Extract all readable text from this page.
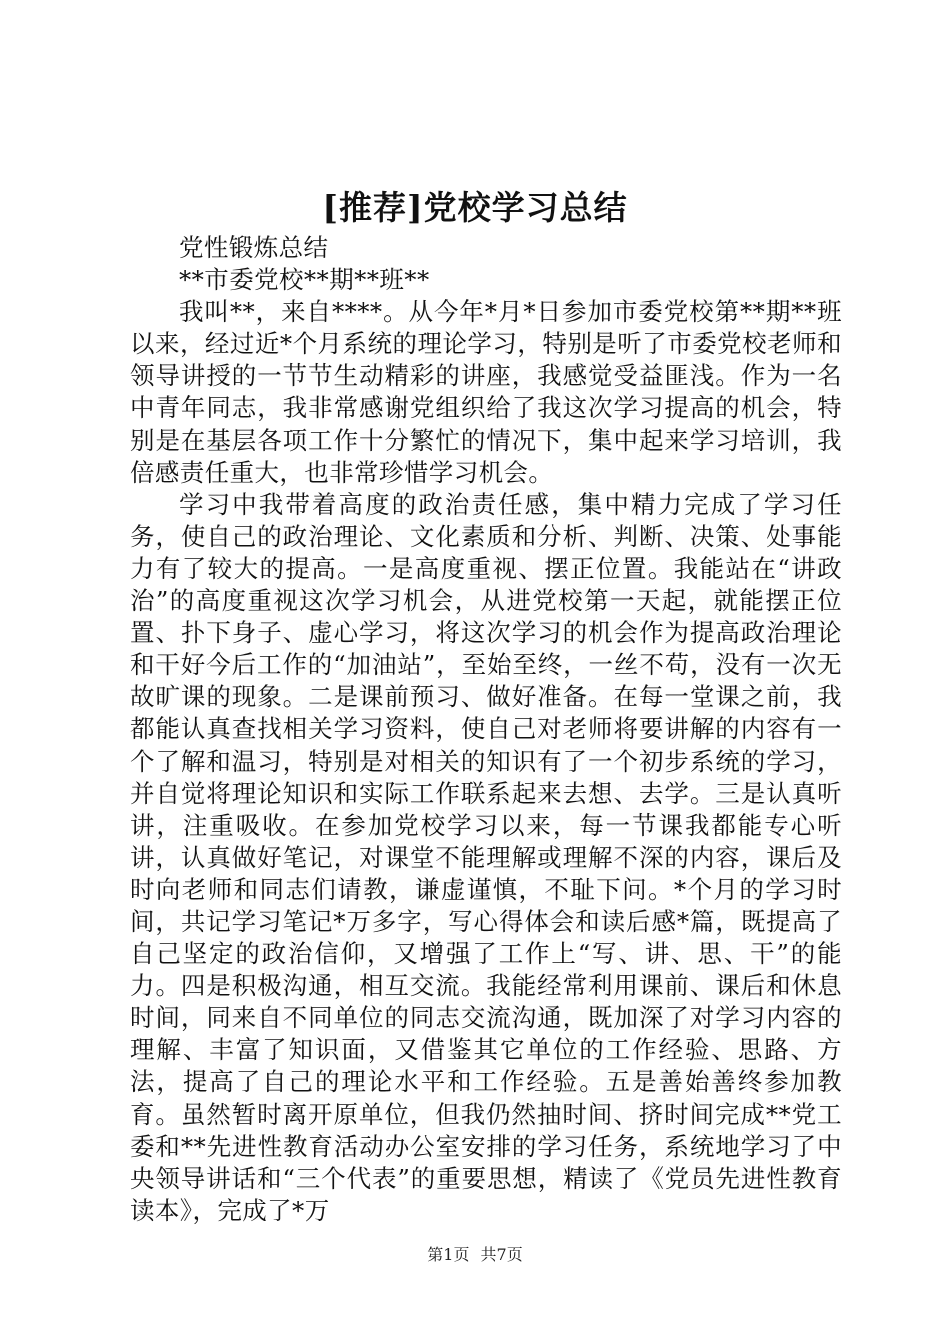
[推荐]党校学习总结

党性锻炼总结

**市委党校**期**班**

我叫**，来自****。从今年*月*日参加市委党校第**期**班以来，经过近*个月系统的理论学习，特别是听了市委党校老师和领导讲授的一节节生动精彩的讲座，我感觉受益匪浅。作为一名中青年同志，我非常感谢党组织给了我这次学习提高的机会，特别是在基层各项工作十分繁忙的情况下，集中起来学习培训，我倍感责任重大，也非常珍惜学习机会。

学习中我带着高度的政治责任感，集中精力完成了学习任务，使自己的政治理论、文化素质和分析、判断、决策、处事能力有了较大的提高。一是高度重视、摆正位置。我能站在“讲政治”的高度重视这次学习机会，从进党校第一天起，就能摆正位置、扑下身子、虚心学习，将这次学习的机会作为提高政治理论和干好今后工作的“加油站”，至始至终，一丝不苟，没有一次无故旷课的现象。二是课前预习、做好准备。在每一堂课之前，我都能认真查找相关学习资料，使自己对老师将要讲解的内容有一个了解和温习，特别是对相关的知识有了一个初步系统的学习，并自觉将理论知识和实际工作联系起来去想、去学。三是认真听讲，注重吸收。在参加党校学习以来，每一节课我都能专心听讲，认真做好笔记，对课堂不能理解或理解不深的内容，课后及时向老师和同志们请教，谦虚谨慎，不耻下问。*个月的学习时间，共记学习笔记*万多字，写心得体会和读后感*篇，既提高了自己坚定的政治信仰，又增强了工作上“写、讲、思、干”的能力。四是积极沟通，相互交流。我能经常利用课前、课后和休息时间，同来自不同单位的同志交流沟通，既加深了对学习内容的理解、丰富了知识面，又借鉴其它单位的工作经验、思路、方法，提高了自己的理论水平和工作经验。五是善始善终参加教育。虽然暂时离开原单位，但我仍然抽时间、挤时间完成**党工委和**先进性教育活动办公室安排的学习任务，系统地学习了中央领导讲话和“三个代表”的重要思想，精读了《党员先进性教育读本》，完成了*万

第1页 共7页
